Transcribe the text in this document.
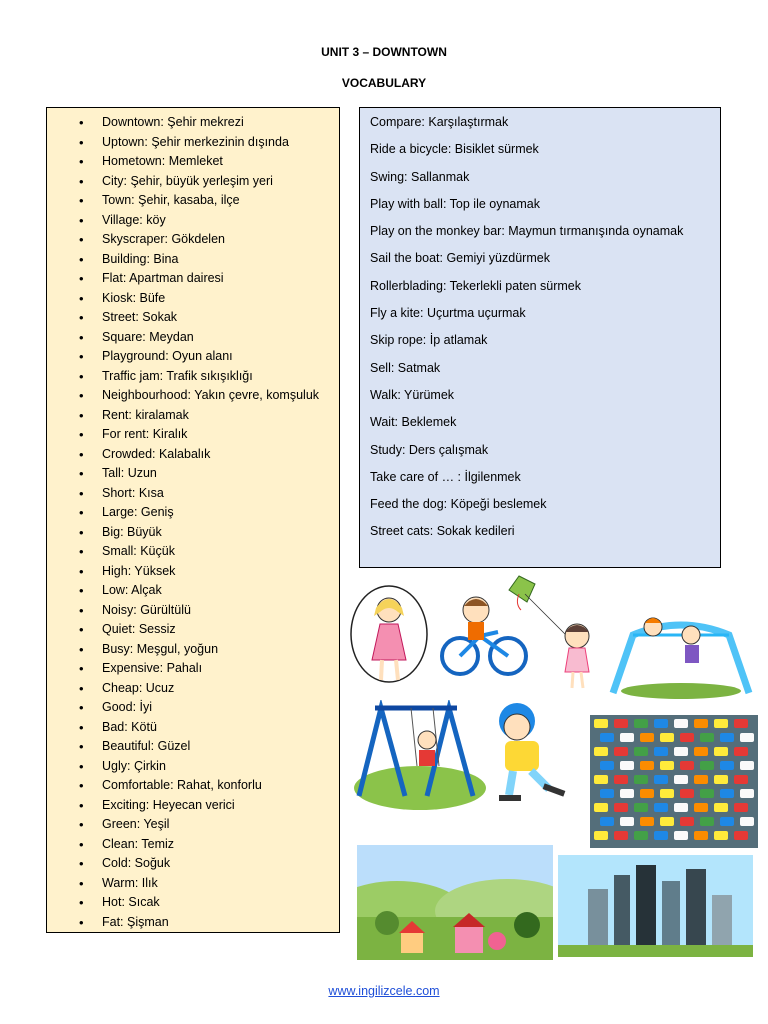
UNIT 3 – DOWNTOWN
VOCABULARY
• Downtown: Şehir mekrezi
• Uptown: Şehir merkezinin dışında
• Hometown: Memleket
• City: Şehir, büyük yerleşim yeri
• Town: Şehir, kasaba, ilçe
• Village: köy
• Skyscraper: Gökdelen
• Building: Bina
• Flat: Apartman dairesi
• Kiosk: Büfe
• Street: Sokak
• Square: Meydan
• Playground: Oyun alanı
• Traffic jam: Trafik sıkışıklığı
• Neighbourhood: Yakın çevre, komşuluk
• Rent: kiralamak
• For rent: Kiralık
• Crowded: Kalabalık
• Tall: Uzun
• Short: Kısa
• Large: Geniş
• Big: Büyük
• Small: Küçük
• High: Yüksek
• Low: Alçak
• Noisy: Gürültülü
• Quiet: Sessiz
• Busy: Meşgul, yoğun
• Expensive: Pahalı
• Cheap: Ucuz
• Good: İyi
• Bad: Kötü
• Beautiful: Güzel
• Ugly: Çirkin
• Comfortable: Rahat, konforlu
• Exciting: Heyecan verici
• Green: Yeşil
• Clean: Temiz
• Cold: Soğuk
• Warm: Ilık
• Hot: Sıcak
• Fat: Şişman
Compare: Karşılaştırmak
Ride a bicycle: Bisiklet sürmek
Swing: Sallanmak
Play with ball: Top ile oynamak
Play on the monkey bar: Maymun tırmanışında oynamak
Sail the boat: Gemiyi yüzdürmek
Rollerblading: Tekerlekli paten sürmek
Fly a kite: Uçurtma uçurmak
Skip rope: İp atlamak
Sell: Satmak
Walk: Yürümek
Wait: Beklemek
Study: Ders çalışmak
Take care of … : İlgilenmek
Feed the dog: Köpeği beslemek
Street cats: Sokak kedileri
www.ingilizcele.com
